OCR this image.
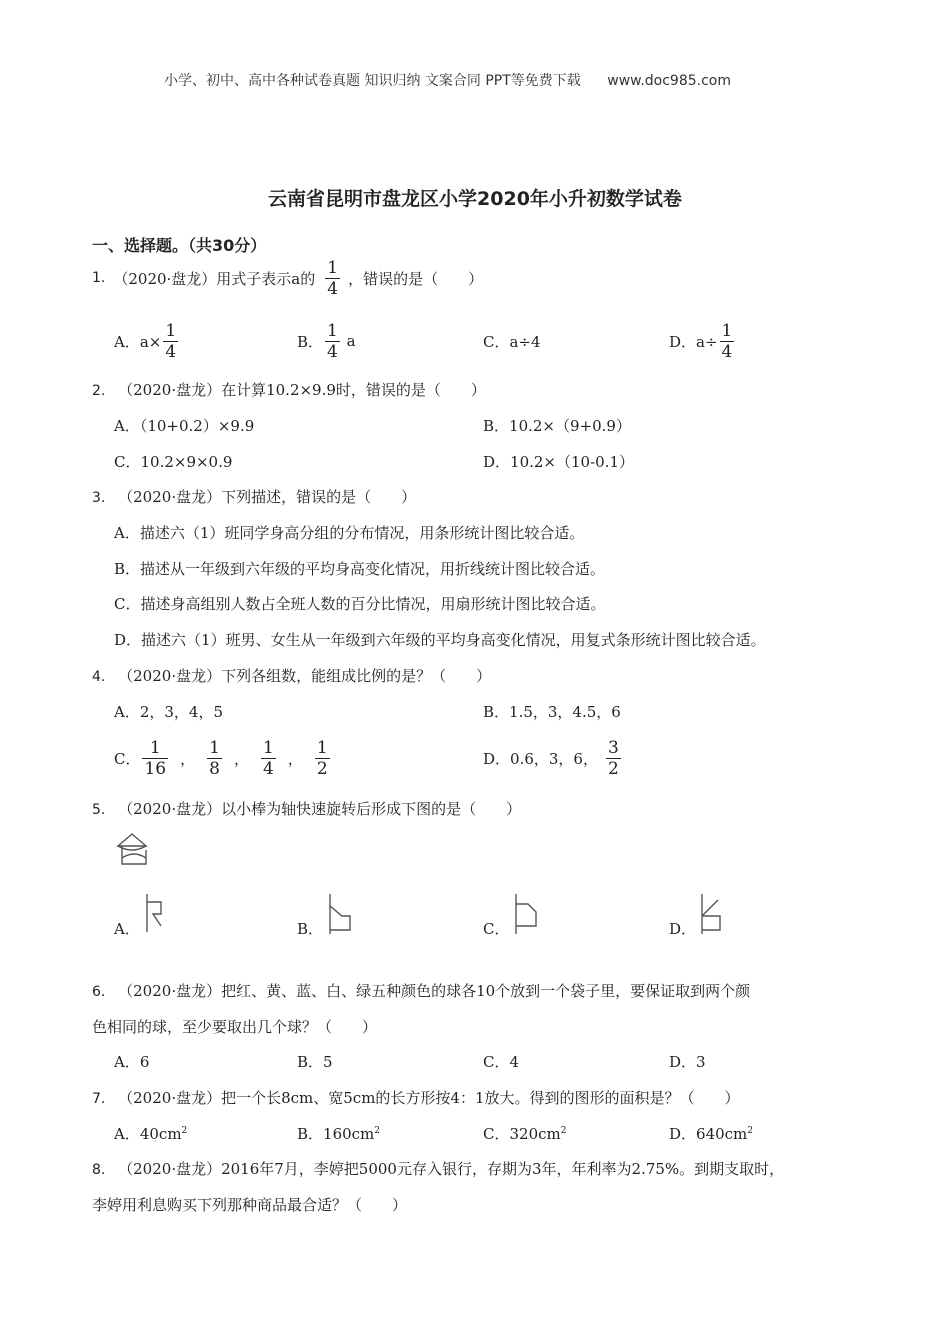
小学、初中、高中各种试卷真题 知识归纳 文案合同 PPT等免费下载 www.doc985.com
云南省昆明市盘龙区小学2020年小升初数学试卷
一、选择题。（共30分）
1. （2020·盘龙）用式子表示a的 $\frac{1}{4}$ ，错误的是（　　）
A．$a\times \frac{1}{4}$	B． $\frac{1}{4}$ a	C．a÷4	D．$a\div \frac{1}{4}$
2. （2020·盘龙）在计算10.2×9.9时，错误的是（　　）
A．（10+0.2）×9.9	B．10.2×（9+0.9）
C．10.2×9×0.9	D．10.2×（10-0.1）
3. （2020·盘龙）下列描述，错误的是（　　）
A．描述六（1）班同学身高分组的分布情况，用条形统计图比较合适。
B．描述从一年级到六年级的平均身高变化情况，用折线统计图比较合适。
C．描述身高组别人数占全班人数的百分比情况，用扇形统计图比较合适。
D．描述六（1）班男、女生从一年级到六年级的平均身高变化情况，用复式条形统计图比较合适。
4. （2020·盘龙）下列各组数，能组成比例的是？（　　）
A．2，3，4，5	B．1.5，3，4.5，6
C． $\frac{1}{16}$ ， $\frac{1}{8}$ ， $\frac{1}{4}$ ， $\frac{1}{2}$	D．0.6，3，6， $\frac{3}{2}$
5. （2020·盘龙）以小棒为轴快速旋转后形成下图的是（　　）
A．	B．	C．	D．
6. （2020·盘龙）把红、黄、蓝、白、绿五种颜色的球各10个放到一个袋子里，要保证取到两个颜
色相同的球，至少要取出几个球？（　　）
A．6	B．5	C．4	D．3
7. （2020·盘龙）把一个长8cm、宽5cm的长方形按4：1放大。得到的图形的面积是？（　　）
A．$40cm^2$	B．$160cm^2$	C．$320cm^2$	D．$640cm^2$
8. （2020·盘龙）2016年7月，李婷把5000元存入银行，存期为3年，年利率为2.75%。到期支取时，
李婷用利息购买下列那种商品最合适？（　　）
